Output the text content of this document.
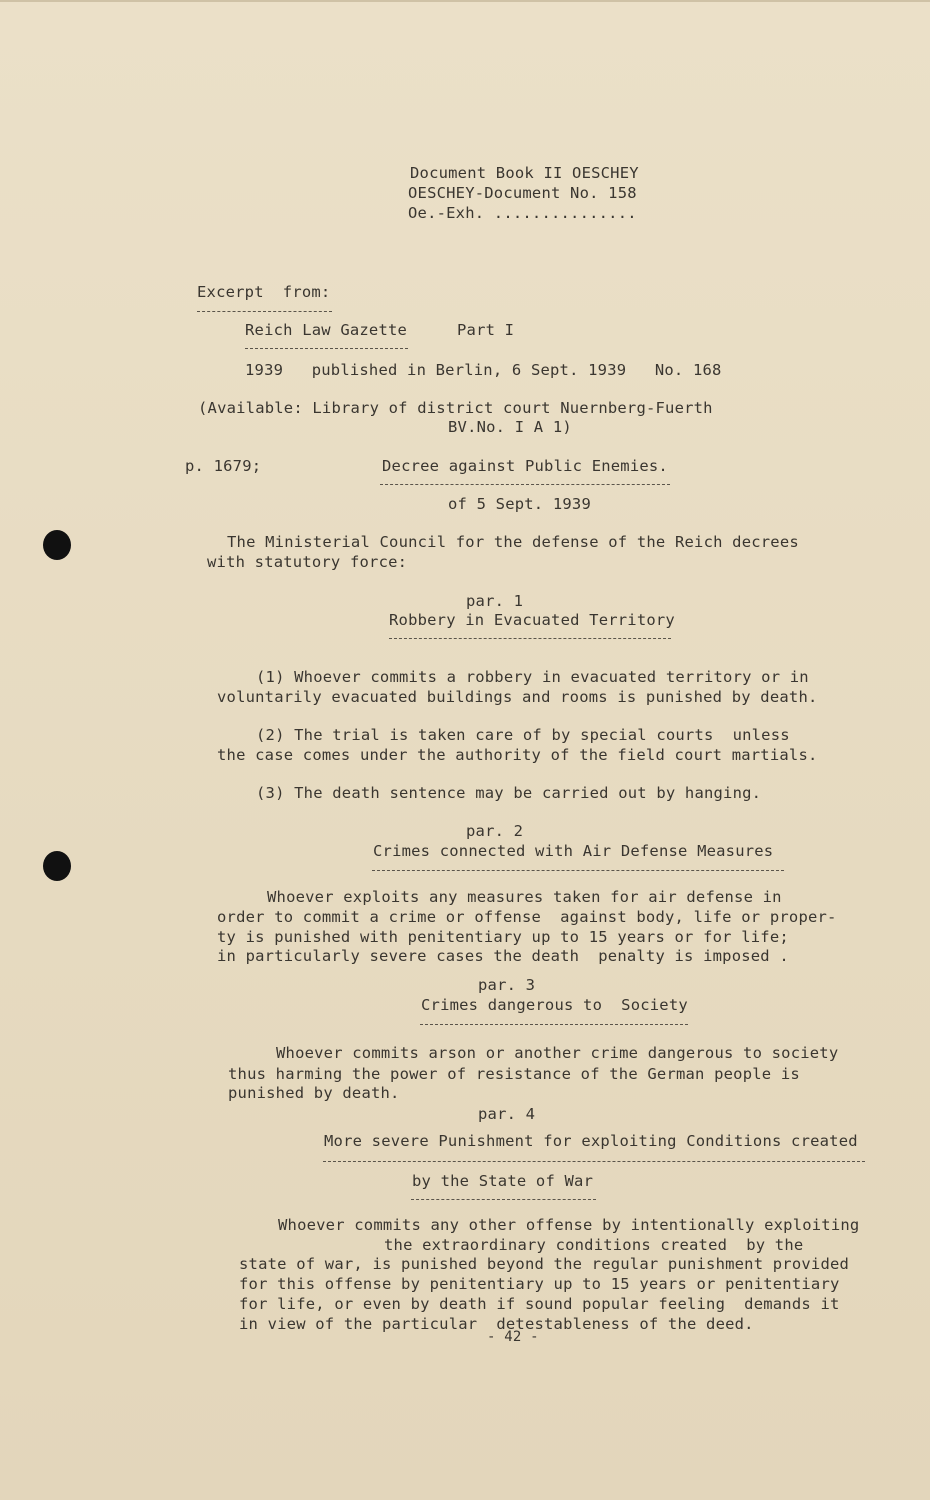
Document Book II OESCHEY
OESCHEY-Document No. 158
Oe.-Exh. ...............
Excerpt  from:
Reich Law Gazette	Part I
1939   published in Berlin, 6 Sept. 1939   No. 168
(Available: Library of district court Nuernberg-Fuerth
BV.No. I A 1)
p. 1679;	Decree against Public Enemies.
of 5 Sept. 1939
The Ministerial Council for the defense of the Reich decrees
with statutory force:
par. 1
Robbery in Evacuated Territory
(1) Whoever commits a robbery in evacuated territory or in
voluntarily evacuated buildings and rooms is punished by death.
(2) The trial is taken care of by special courts  unless
the case comes under the authority of the field court martials.
(3) The death sentence may be carried out by hanging.
par. 2
Crimes connected with Air Defense Measures
Whoever exploits any measures taken for air defense in
order to commit a crime or offense  against body, life or proper-
ty is punished with penitentiary up to 15 years or for life;
in particularly severe cases the death  penalty is imposed .
par. 3
Crimes dangerous to  Society
Whoever commits arson or another crime dangerous to society
thus harming the power of resistance of the German people is
punished by death.
par. 4
More severe Punishment for exploiting Conditions created
by the State of War
Whoever commits any other offense by intentionally exploiting
the extraordinary conditions created  by the
state of war, is punished beyond the regular punishment provided
for this offense by penitentiary up to 15 years or penitentiary
for life, or even by death if sound popular feeling  demands it
in view of the particular  detestableness of the deed.
- 42 -
